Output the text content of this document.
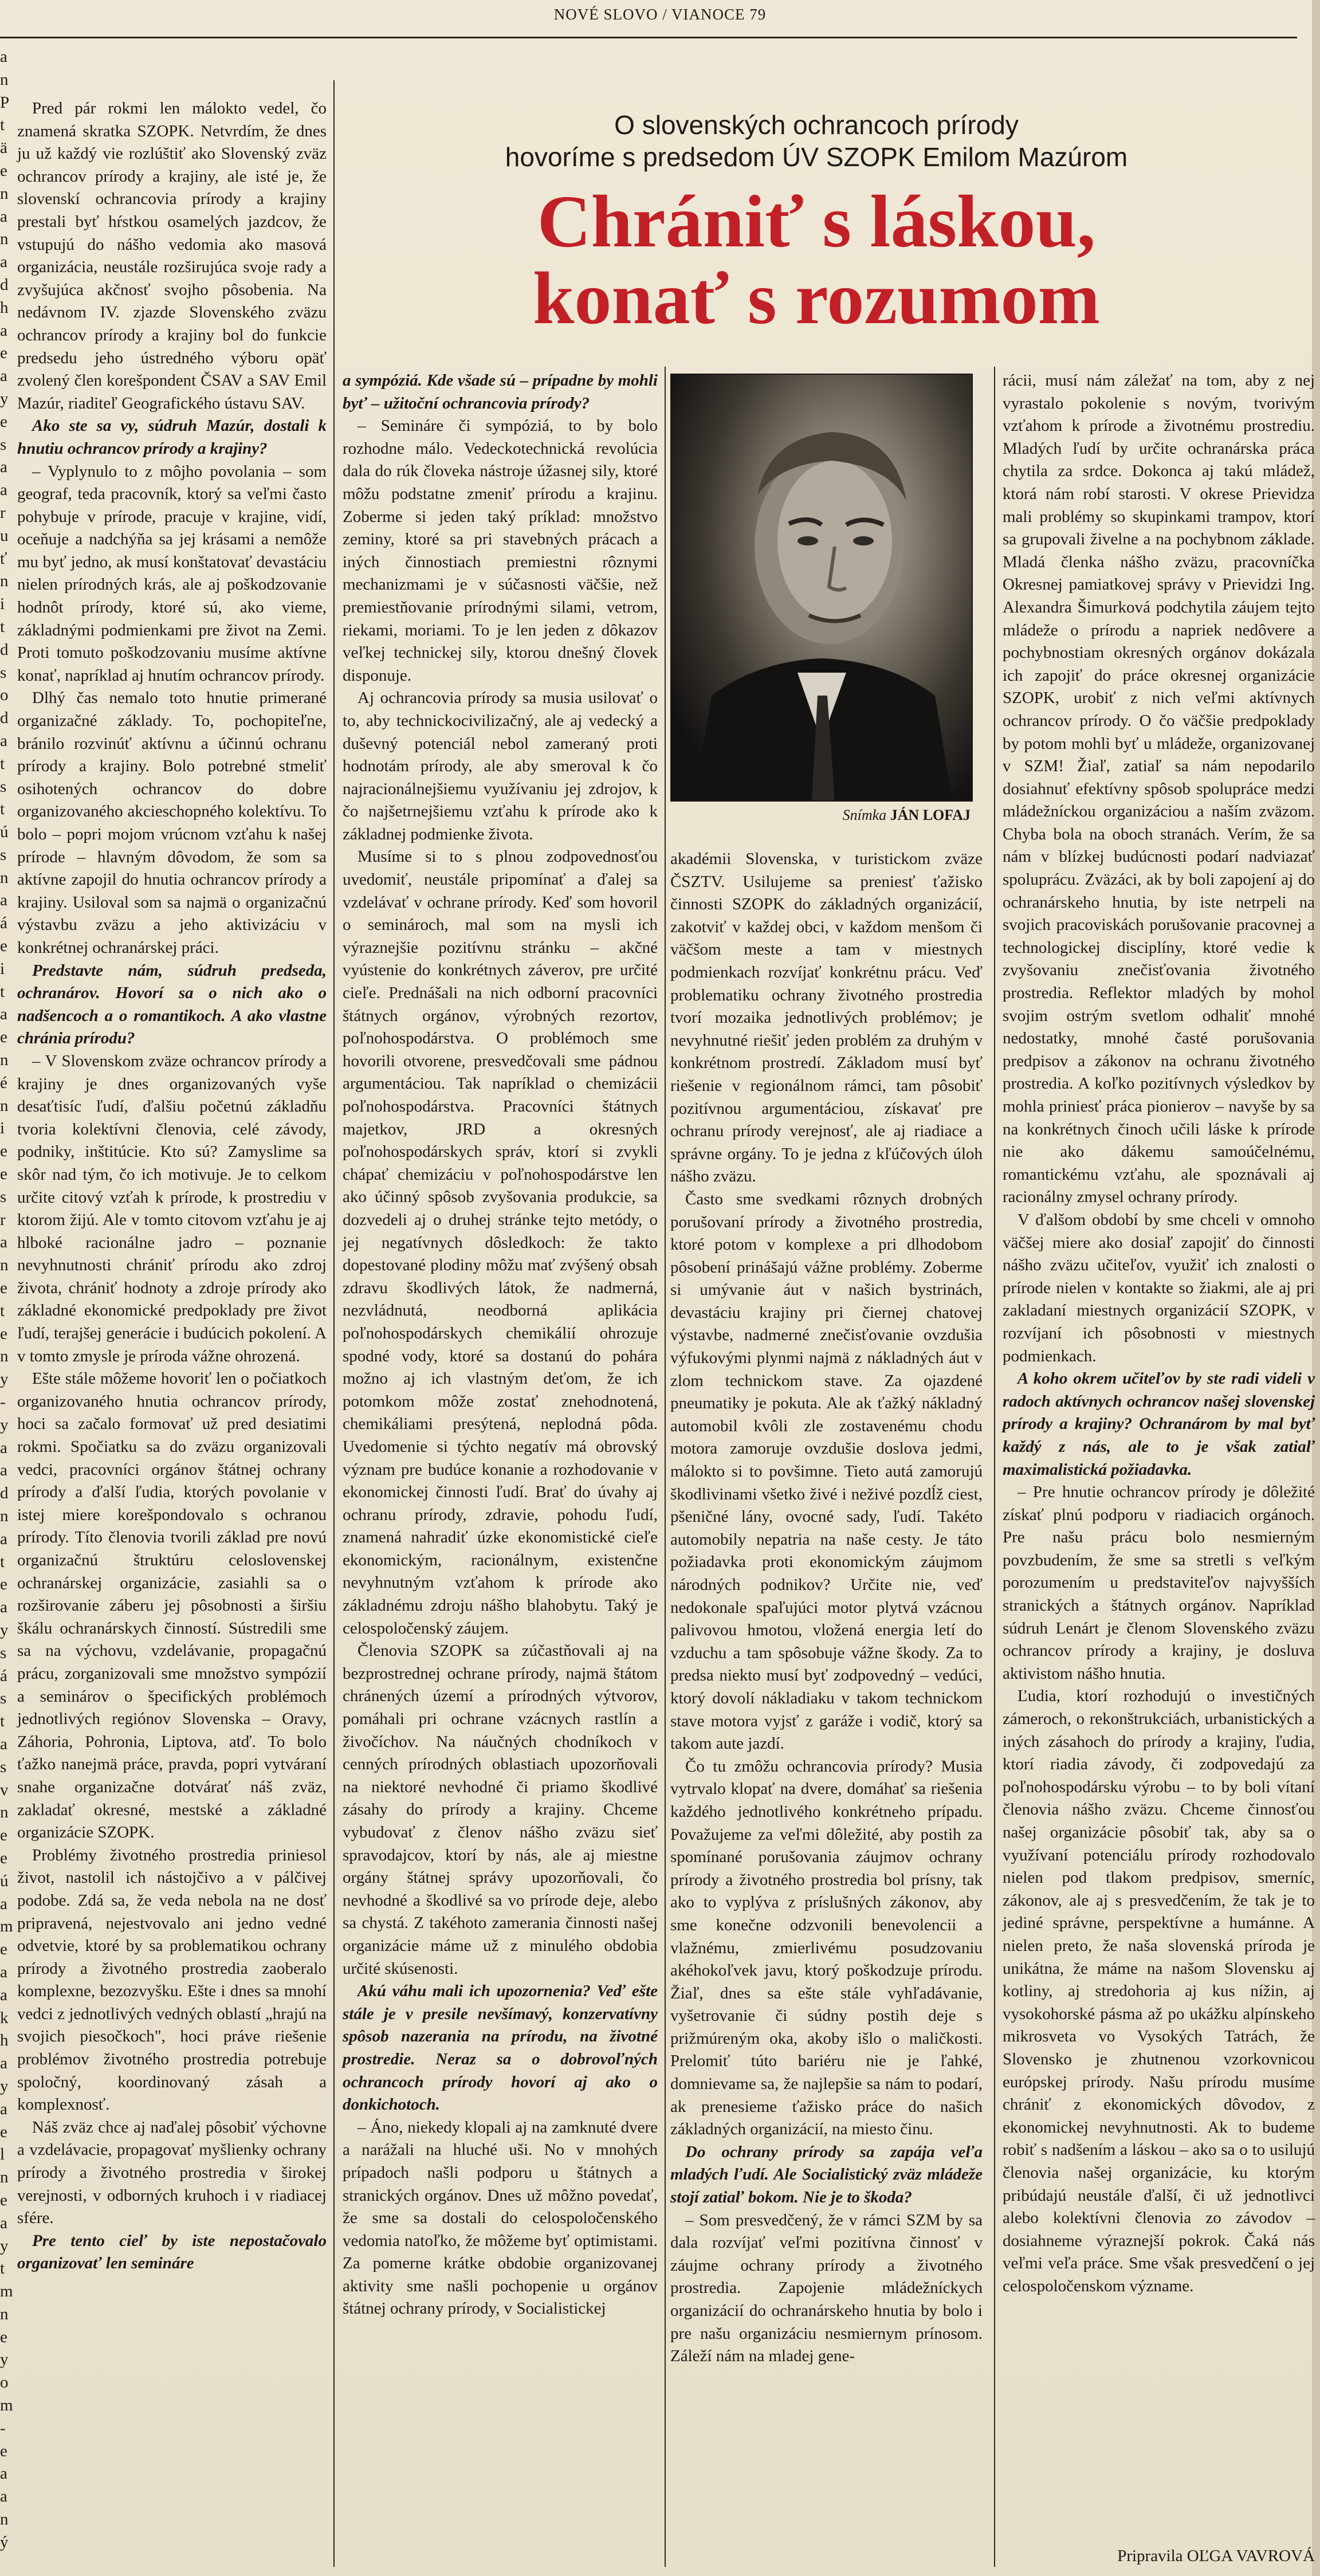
NOVÉ SLOVO / VIANOCE 79
a
n
P
t
ä
e
n
a
n
a
d
h
a
e
a
y
e
s
a
a
r
u
ť
n
i
t
d
s
o
d
a
t
s
t
ú
s
n
a
á
e
i
t
a
e
n
é
n
i
e
e
s
r
a
n
e
t
e
n
y
-
y
a
a
d
n
a
t
e
a
y
s
á
s
t
a
s
v
n
e
e
ú
a
m
e
a
a
k
h
a
y
a
e
l
n
e
a
y
t
m
n
e
y
o
m
-
e
a
a
n
ý
O slovenských ochrancoch prírody
hovoríme s predsedom ÚV SZOPK Emilom Mazúrom
Chrániť s láskou,
konať s rozumom
Snímka JÁN LOFAJ

Pred pár rokmi len málokto vedel, čo znamená skratka SZOPK. Netvrdím, že dnes ju už každý vie rozlúštiť ako Slovenský zväz ochrancov prírody a krajiny, ale isté je, že slovenskí ochrancovia prírody a krajiny prestali byť hŕstkou osamelých jazdcov, že vstupujú do nášho vedomia ako masová organizácia, neustále rozširujúca svoje rady a zvyšujúca akčnosť svojho pôsobenia. Na nedávnom IV. zjazde Slovenského zväzu ochrancov prírody a krajiny bol do funkcie predsedu jeho ústredného výboru opäť zvolený člen korešpondent ČSAV a SAV Emil Mazúr, riaditeľ Geografického ústavu SAV.

Ako ste sa vy, súdruh Mazúr, dostali k hnutiu ochrancov prírody a krajiny?

– Vyplynulo to z môjho povolania – som geograf, teda pracovník, ktorý sa veľmi často pohybuje v prírode, pracuje v krajine, vidí, oceňuje a nadchýňa sa jej krásami a nemôže mu byť jedno, ak musí konštatovať devastáciu nielen prírodných krás, ale aj poškodzovanie hodnôt prírody, ktoré sú, ako vieme, základnými podmienkami pre život na Zemi. Proti tomuto poškodzovaniu musíme aktívne konať, napríklad aj hnutím ochrancov prírody.

Dlhý čas nemalo toto hnutie primerané organizačné základy. To, pochopiteľne, bránilo rozvinúť aktívnu a účinnú ochranu prírody a krajiny. Bolo potrebné stmeliť osihotených ochrancov do dobre organizovaného akcieschopného kolektívu. To bolo – popri mojom vrúcnom vzťahu k našej prírode – hlavným dôvodom, že som sa aktívne zapojil do hnutia ochrancov prírody a krajiny. Usiloval som sa najmä o organizačnú výstavbu zväzu a jeho aktivizáciu v konkrétnej ochranárskej práci.

Predstavte nám, súdruh predseda, ochranárov. Hovorí sa o nich ako o nadšencoch a o romantikoch. A ako vlastne chránia prírodu?

– V Slovenskom zväze ochrancov prírody a krajiny je dnes organizovaných vyše desaťtisíc ľudí, ďalšiu početnú základňu tvoria kolektívni členovia, celé závody, podniky, inštitúcie. Kto sú? Zamyslime sa skôr nad tým, čo ich motivuje. Je to celkom určite citový vzťah k prírode, k prostrediu v ktorom žijú. Ale v tomto citovom vzťahu je aj hlboké racionálne jadro – poznanie nevyhnutnosti chrániť prírodu ako zdroj života, chrániť hodnoty a zdroje prírody ako základné ekonomické predpoklady pre život ľudí, terajšej generácie i budúcich pokolení. A v tomto zmysle je príroda vážne ohrozená.

Ešte stále môžeme hovoriť len o počiatkoch organizovaného hnutia ochrancov prírody, hoci sa začalo formovať už pred desiatimi rokmi. Spočiatku sa do zväzu organizovali vedci, pracovníci orgánov štátnej ochrany prírody a ďalší ľudia, ktorých povolanie v istej miere korešpondovalo s ochranou prírody. Títo členovia tvorili základ pre novú organizačnú štruktúru celoslovenskej ochranárskej organizácie, zasiahli sa o rozširovanie záberu jej pôsobnosti a širšiu škálu ochranárskych činností. Sústredili sme sa na výchovu, vzdelávanie, propagačnú prácu, zorganizovali sme množstvo sympózií a seminárov o špecifických problémoch jednotlivých regiónov Slovenska – Oravy, Záhoria, Pohronia, Liptova, atď. To bolo ťažko nanejmä práce, pravda, popri vytváraní snahe organizačne dotvárať náš zväz, zakladať okresné, mestské a základné organizácie SZOPK.

Problémy životného prostredia priniesol život, nastolil ich nástojčivo a v pálčivej podobe. Zdá sa, že veda nebola na ne dosť pripravená, nejestvovalo ani jedno vedné odvetvie, ktoré by sa problematikou ochrany prírody a životného prostredia zaoberalo komplexne, bezozvyšku. Ešte i dnes sa mnohí vedci z jednotlivých vedných oblastí „hrajú na svojich piesočkoch", hoci práve riešenie problémov životného prostredia potrebuje spoločný, koordinovaný zásah a komplexnosť.

Náš zväz chce aj naďalej pôsobiť výchovne a vzdelávacie, propagovať myšlienky ochrany prírody a životného prostredia v širokej verejnosti, v odborných kruhoch i v riadiacej sfére.

Pre tento cieľ by iste nepostačovalo organizovať len semináre

a sympóziá. Kde všade sú – prípadne by mohli byť – užitoční ochrancovia prírody?

– Semináre či sympóziá, to by bolo rozhodne málo. Vedeckotechnická revolúcia dala do rúk človeka nástroje úžasnej sily, ktoré môžu podstatne zmeniť prírodu a krajinu. Zoberme si jeden taký príklad: množstvo zeminy, ktoré sa pri stavebných prácach a iných činnostiach premiestni rôznymi mechanizmami je v súčasnosti väčšie, než premiestňovanie prírodnými silami, vetrom, riekami, moriami. To je len jeden z dôkazov veľkej technickej sily, ktorou dnešný človek disponuje.

Aj ochrancovia prírody sa musia usilovať o to, aby technickocivilizačný, ale aj vedecký a duševný potenciál nebol zameraný proti hodnotám prírody, ale aby smeroval k čo najracionálnejšiemu využívaniu jej zdrojov, k čo najšetrnejšiemu vzťahu k prírode ako k základnej podmienke života.

Musíme si to s plnou zodpovednosťou uvedomiť, neustále pripomínať a ďalej sa vzdelávať v ochrane prírody. Keď som hovoril o seminároch, mal som na mysli ich výraznejšie pozitívnu stránku – akčné vyústenie do konkrétnych záverov, pre určité cieľe. Prednášali na nich odborní pracovníci štátnych orgánov, výrobných rezortov, poľnohospodárstva. O problémoch sme hovorili otvorene, presvedčovali sme pádnou argumentáciou. Tak napríklad o chemizácii poľnohospodárstva. Pracovníci štátnych majetkov, JRD a okresných poľnohospodárskych správ, ktorí si zvykli chápať chemizáciu v poľnohospodárstve len ako účinný spôsob zvyšovania produkcie, sa dozvedeli aj o druhej stránke tejto metódy, o jej negatívnych dôsledkoch: že takto dopestované plodiny môžu mať zvýšený obsah zdravu škodlivých látok, že nadmerná, nezvládnutá, neodborná aplikácia poľnohospodárskych chemikálií ohrozuje spodné vody, ktoré sa dostanú do pohára možno aj ich vlastným deťom, že ich potomkom môže zostať znehodnotená, chemikáliami presýtená, neplodná pôda. Uvedomenie si týchto negatív má obrovský význam pre budúce konanie a rozhodovanie v ekonomickej činnosti ľudí. Brať do úvahy aj ochranu prírody, zdravie, pohodu ľudí, znamená nahradiť úzke ekonomistické cieľe ekonomickým, racionálnym, existenčne nevyhnutným vzťahom k prírode ako základnému zdroju nášho blahobytu. Taký je celospoločenský záujem.

Členovia SZOPK sa zúčastňovali aj na bezprostrednej ochrane prírody, najmä štátom chránených území a prírodných výtvorov, pomáhali pri ochrane vzácnych rastlín a živočíchov. Na náučných chodníkoch v cenných prírodných oblastiach upozorňovali na niektoré nevhodné či priamo škodlivé zásahy do prírody a krajiny. Chceme vybudovať z členov nášho zväzu sieť spravodajcov, ktorí by nás, ale aj miestne orgány štátnej správy upozorňovali, čo nevhodné a škodlivé sa vo prírode deje, alebo sa chystá. Z takéhoto zamerania činnosti našej organizácie máme už z minulého obdobia určité skúsenosti.

Akú váhu mali ich upozornenia? Veď ešte stále je v presile nevšímavý, konzervatívny spôsob nazerania na prírodu, na životné prostredie. Neraz sa o dobrovoľných ochrancoch prírody hovorí aj ako o donkichotoch.

– Áno, niekedy klopali aj na zamknuté dvere a narážali na hluché uši. No v mnohých prípadoch našli podporu u štátnych a stranických orgánov. Dnes už môžno povedať, že sme sa dostali do celospoločenského vedomia natoľko, že môžeme byť optimistami. Za pomerne krátke obdobie organizovanej aktivity sme našli pochopenie u orgánov štátnej ochrany prírody, v Socialistickej

akadémii Slovenska, v turistickom zväze ČSZTV. Usilujeme sa preniesť ťažisko činnosti SZOPK do základných organizácií, zakotviť v každej obci, v každom menšom či väčšom meste a tam v miestnych podmienkach rozvíjať konkrétnu prácu. Veď problematiku ochrany životného prostredia tvorí mozaika jednotlivých problémov; je nevyhnutné riešiť jeden problém za druhým v konkrétnom prostredí. Základom musí byť riešenie v regionálnom rámci, tam pôsobiť pozitívnou argumentáciou, získavať pre ochranu prírody verejnosť, ale aj riadiace a správne orgány. To je jedna z kľúčových úloh nášho zväzu.

Často sme svedkami rôznych drobných porušovaní prírody a životného prostredia, ktoré potom v komplexe a pri dlhodobom pôsobení prinášajú vážne problémy. Zoberme si umývanie áut v našich bystrinách, devastáciu krajiny pri čiernej chatovej výstavbe, nadmerné znečisťovanie ovzdušia výfukovými plynmi najmä z nákladných áut v zlom technickom stave. Za ojazdené pneumatiky je pokuta. Ale ak ťažký nákladný automobil kvôli zle zostavenému chodu motora zamoruje ovzdušie doslova jedmi, málokto si to povšimne. Tieto autá zamorujú škodlivinami všetko živé i neživé pozdĺž ciest, pšeničné lány, ovocné sady, ľudí. Takéto automobily nepatria na naše cesty. Je táto požiadavka proti ekonomickým záujmom národných podnikov? Určite nie, veď nedokonale spaľujúci motor plytvá vzácnou palivovou hmotou, vložená energia letí do vzduchu a tam spôsobuje vážne škody. Za to predsa niekto musí byť zodpovedný – vedúci, ktorý dovolí nákladiaku v takom technickom stave motora vyjsť z garáže i vodič, ktorý sa takom aute jazdí.

Čo tu zmôžu ochrancovia prírody? Musia vytrvalo klopať na dvere, domáhať sa riešenia každého jednotlivého konkrétneho prípadu. Považujeme za veľmi dôležité, aby postih za spomínané porušovania záujmov ochrany prírody a životného prostredia bol prísny, tak ako to vyplýva z príslušných zákonov, aby sme konečne odzvonili benevolencii a vlažnému, zmierlivému posudzovaniu akéhokoľvek javu, ktorý poškodzuje prírodu. Žiaľ, dnes sa ešte stále vyhľadávanie, vyšetrovanie či súdny postih deje s prižmúreným oka, akoby išlo o maličkosti. Prelomiť túto bariéru nie je ľahké, domnievame sa, že najlepšie sa nám to podarí, ak prenesieme ťažisko práce do našich základných organizácií, na miesto činu.

Do ochrany prírody sa zapája veľa mladých ľudí. Ale Socialistický zväz mládeže stojí zatiaľ bokom. Nie je to škoda?

– Som presvedčený, že v rámci SZM by sa dala rozvíjať veľmi pozitívna činnosť v záujme ochrany prírody a životného prostredia. Zapojenie mládežníckych organizácií do ochranárskeho hnutia by bolo i pre našu organizáciu nesmiernym prínosom. Záleží nám na mladej gene-

rácii, musí nám záležať na tom, aby z nej vyrastalo pokolenie s novým, tvorivým vzťahom k prírode a životnému prostrediu. Mladých ľudí by určite ochranárska práca chytila za srdce. Dokonca aj takú mládež, ktorá nám robí starosti. V okrese Prievidza mali problémy so skupinkami trampov, ktorí sa grupovali živelne a na pochybnom základe. Mladá členka nášho zväzu, pracovníčka Okresnej pamiatkovej správy v Prievidzi Ing. Alexandra Šimurková podchytila záujem tejto mládeže o prírodu a napriek nedôvere a pochybnostiam okresných orgánov dokázala ich zapojiť do práce okresnej organizácie SZOPK, urobiť z nich veľmi aktívnych ochrancov prírody. O čo väčšie predpoklady by potom mohli byť u mládeže, organizovanej v SZM! Žiaľ, zatiaľ sa nám nepodarilo dosiahnuť efektívny spôsob spolupráce medzi mládežníckou organizáciou a naším zväzom. Chyba bola na oboch stranách. Verím, že sa nám v blízkej budúcnosti podarí nadviazať spoluprácu. Zväzáci, ak by boli zapojení aj do ochranárskeho hnutia, by iste netrpeli na svojich pracoviskách porušovanie pracovnej a technologickej disciplíny, ktoré vedie k zvyšovaniu znečisťovania životného prostredia. Reflektor mladých by mohol svojim ostrým svetlom odhaliť mnohé nedostatky, mnohé časté porušovania predpisov a zákonov na ochranu životného prostredia. A koľko pozitívnych výsledkov by mohla priniesť práca pionierov – navyše by sa na konkrétnych činoch učili láske k prírode nie ako dákemu samoúčelnému, romantickému vzťahu, ale spoznávali aj racionálny zmysel ochrany prírody.

V ďalšom období by sme chceli v omnoho väčšej miere ako dosiaľ zapojiť do činnosti nášho zväzu učiteľov, využiť ich znalosti o prírode nielen v kontakte so žiakmi, ale aj pri zakladaní miestnych organizácií SZOPK, v rozvíjaní ich pôsobnosti v miestnych podmienkach.

A koho okrem učiteľov by ste radi videli v radoch aktívnych ochrancov našej slovenskej prírody a krajiny? Ochranárom by mal byť každý z nás, ale to je však zatiaľ maximalistická požiadavka.

– Pre hnutie ochrancov prírody je dôležité získať plnú podporu v riadiacich orgánoch. Pre našu prácu bolo nesmierným povzbudením, že sme sa stretli s veľkým porozumením u predstaviteľov najvyšších stranických a štátnych orgánov. Napríklad súdruh Lenárt je členom Slovenského zväzu ochrancov prírody a krajiny, je dosluva aktivistom nášho hnutia.

Ľudia, ktorí rozhodujú o investičných zámeroch, o rekonštrukciách, urbanistických a iných zásahoch do prírody a krajiny, ľudia, ktorí riadia závody, či zodpovedajú za poľnohospodársku výrobu – to by boli vítaní členovia nášho zväzu. Chceme činnosťou našej organizácie pôsobiť tak, aby sa o využívaní potenciálu prírody rozhodovalo nielen pod tlakom predpisov, smerníc, zákonov, ale aj s presvedčením, že tak je to jediné správne, perspektívne a humánne. A nielen preto, že naša slovenská príroda je unikátna, že máme na našom Slovensku aj kotliny, aj stredohoria aj kus nížin, aj vysokohorské pásma až po ukážku alpínskeho mikrosveta vo Vysokých Tatrách, že Slovensko je zhutnenou vzorkovnicou európskej prírody. Našu prírodu musíme chrániť z ekonomických dôvodov, z ekonomickej nevyhnutnosti. Ak to budeme robiť s nadšením a láskou – ako sa o to usilujú členovia našej organizácie, ku ktorým pribúdajú neustále ďalší, či už jednotlivci alebo kolektívni členovia zo závodov – dosiahneme výraznejší pokrok. Čaká nás veľmi veľa práce. Sme však presvedčení o jej celospoločenskom význame.

Pripravila OĽGA VAVROVÁ
